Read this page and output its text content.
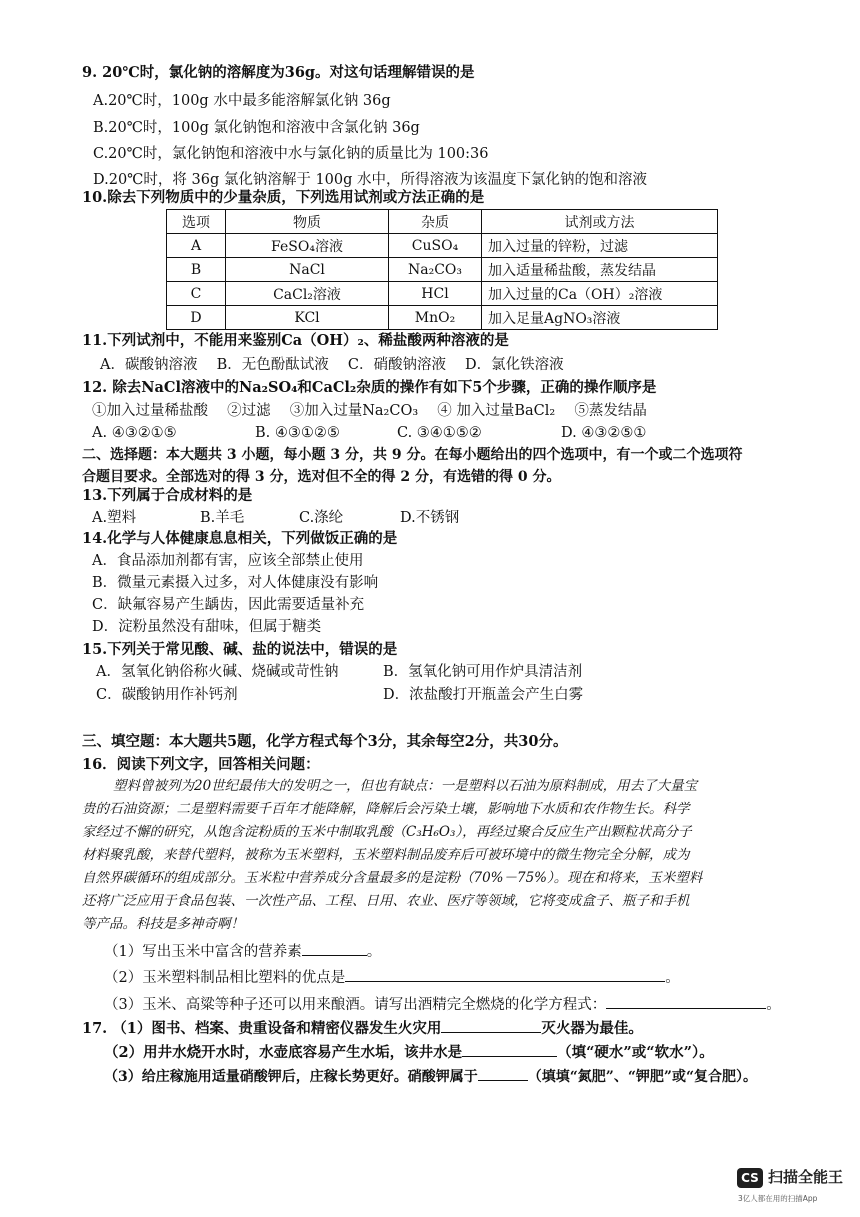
9. 20℃时，氯化钠的溶解度为36g。对这句话理解错误的是
A.20℃时，100g 水中最多能溶解氯化钠 36g
B.20℃时，100g 氯化钠饱和溶液中含氯化钠 36g
C.20℃时，氯化钠饱和溶液中水与氯化钠的质量比为 100:36
D.20℃时，将 36g 氯化钠溶解于 100g 水中，所得溶液为该温度下氯化钠的饱和溶液
10.除去下列物质中的少量杂质，下列选用试剂或方法正确的是
选项	物质	杂质	试剂或方法
A	FeSO₄溶液	CuSO₄	加入过量的锌粉，过滤
B	NaCl	Na₂CO₃	加入适量稀盐酸，蒸发结晶
C	CaCl₂溶液	HCl	加入过量的Ca（OH）₂溶液
D	KCl	MnO₂	加入足量AgNO₃溶液
11.下列试剂中，不能用来鉴别Ca（OH）₂、稀盐酸两种溶液的是
A．碳酸钠溶液 　B．无色酚酞试液 　C．硝酸钠溶液 　D．氯化铁溶液
12. 除去NaCl溶液中的Na₂SO₄和CaCl₂杂质的操作有如下5个步骤，正确的操作顺序是
①加入过量稀盐酸 　②过滤 　③加入过量Na₂CO₃ 　④ 加入过量BaCl₂ 　⑤蒸发结晶
A. ④③②①⑤	B. ④③①②⑤	C. ③④①⑤②	D. ④③②⑤①
二、选择题：本大题共 3 小题，每小题 3 分，共 9 分。在每小题给出的四个选项中，有一个或二个选项符
合题目要求。全部选对的得 3 分，选对但不全的得 2 分，有选错的得 0 分。
13.下列属于合成材料的是
A.塑料	B.羊毛	C.涤纶	D.不锈钢
14.化学与人体健康息息相关，下列做饭正确的是
A．食品添加剂都有害，应该全部禁止使用
B．微量元素摄入过多，对人体健康没有影响
C．缺氟容易产生龋齿，因此需要适量补充
D．淀粉虽然没有甜味，但属于糖类
15.下列关于常见酸、碱、盐的说法中，错误的是
A．氢氧化钠俗称火碱、烧碱或苛性钠	B．氢氧化钠可用作炉具清洁剂
C．碳酸钠用作补钙剂	D．浓盐酸打开瓶盖会产生白雾
三、填空题：本大题共5题，化学方程式每个3分，其余每空2分，共30分。
16．阅读下列文字，回答相关问题：
塑料曾被列为20世纪最伟大的发明之一，但也有缺点：一是塑料以石油为原料制成，用去了大量宝
贵的石油资源；二是塑料需要千百年才能降解，降解后会污染土壤，影响地下水质和农作物生长。科学
家经过不懈的研究，从饱含淀粉质的玉米中制取乳酸（C₃H₆O₃），再经过聚合反应生产出颗粒状高分子
材料聚乳酸，来替代塑料，被称为玉米塑料，玉米塑料制品废弃后可被环境中的微生物完全分解，成为
自然界碳循环的组成部分。玉米粒中营养成分含量最多的是淀粉（70%－75%）。现在和将来，玉米塑料
还将广泛应用于食品包装、一次性产品、工程、日用、农业、医疗等领域，它将变成盒子、瓶子和手机
等产品。科技是多神奇啊！
（1）写出玉米中富含的营养素	。
（2）玉米塑料制品相比塑料的优点是	。
（3）玉米、高粱等种子还可以用来酿酒。请写出酒精完全燃烧的化学方程式：	。
17. （1）图书、档案、贵重设备和精密仪器发生火灾用	灭火器为最佳。
（2）用井水烧开水时，水壶底容易产生水垢，该井水是	（填“硬水”或“软水”）。
（3）给庄稼施用适量硝酸钾后，庄稼长势更好。硝酸钾属于	（填填“氮肥”、“钾肥”或“复合肥）。
CS 扫描全能王
3亿人都在用的扫描App
